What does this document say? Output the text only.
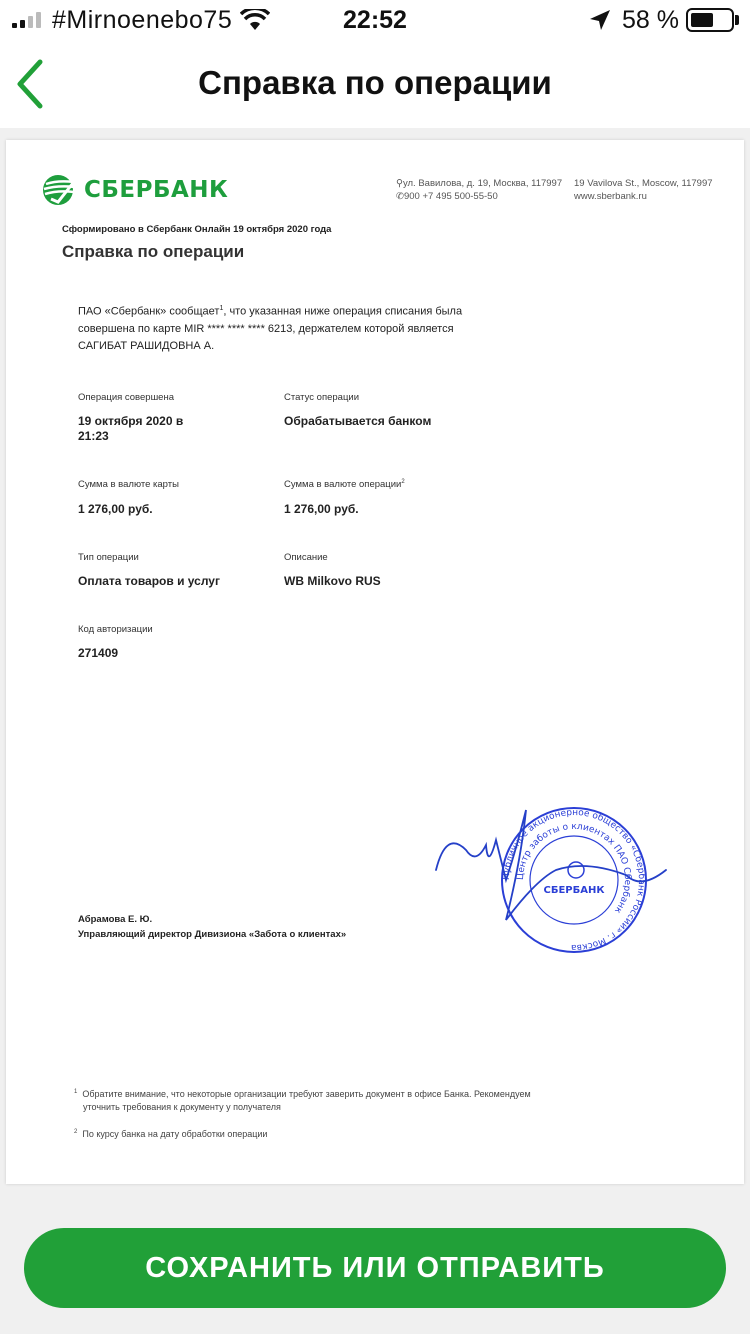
#Mirnoenebo75	22:52	58 %
Справка по операции
СБЕРБАНК	⚲ул. Вавилова, д. 19, Москва, 117997
✆900 +7 495 500-55-50
19 Vavilova St., Moscow, 117997
www.sberbank.ru
Сформировано в Сбербанк Онлайн 19 октября 2020 года
Справка по операции
ПАО «Сбербанк» сообщает$^1$, что указанная ниже операция списания была совершена по карте MIR **** **** **** 6213, держателем которой является САГИБАТ РАШИДОВНА А.
Операция совершена
19 октября 2020 в 21:23
Статус операции
Обрабатывается банком
Сумма в валюте карты
1 276,00 руб.
Сумма в валюте операции$^2$
1 276,00 руб.
Тип операции
Оплата товаров и услуг
Описание
WB Milkovo RUS
Код авторизации
271409
Публичное акционерное общество «Сбербанк России» г. Москва
Центр заботы о клиентах ПАО Сбербанк
СБЕРБАНК
Абрамова Е. Ю.
Управляющий директор Дивизиона «Забота о клиентах»
$^1$ Обратите внимание, что некоторые организации требуют заверить документ в офисе Банка. Рекомендуем
уточнить требования к документу у получателя
$^2$ По курсу банка на дату обработки операции
СОХРАНИТЬ ИЛИ ОТПРАВИТЬ
